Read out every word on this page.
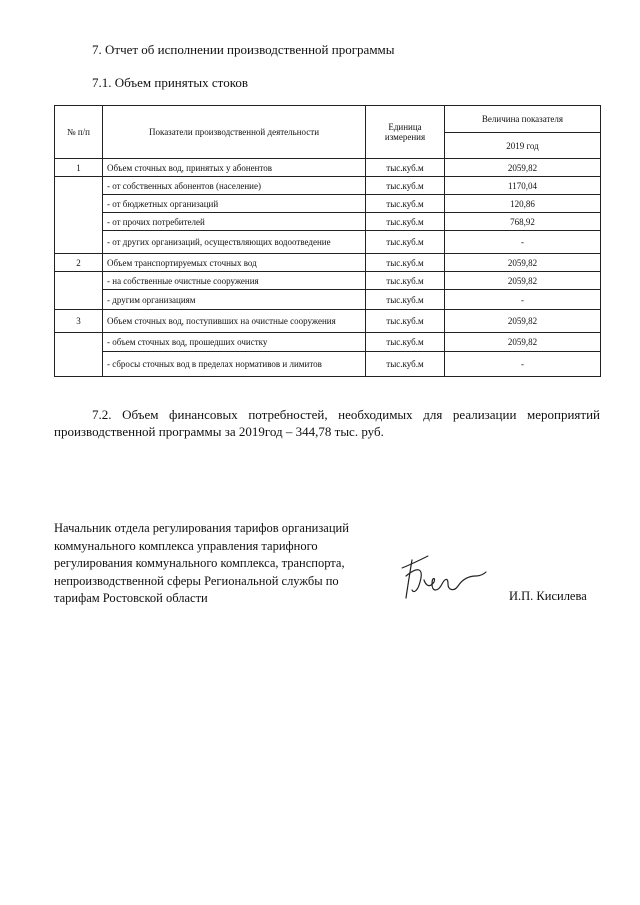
7. Отчет об исполнении производственной программы
7.1. Объем принятых стоков
№ п/п	Показатели производственной деятельности	Единица измерения	Величина показателя
			2019 год
1	Объем сточных вод, принятых у абонентов	тыс.куб.м	2059,82
	- от собственных абонентов (население)	тыс.куб.м	1170,04
	- от бюджетных организаций	тыс.куб.м	120,86
	- от прочих потребителей	тыс.куб.м	768,92
	- от других организаций, осуществляющих водоотведение	тыс.куб.м	-
2	Объем транспортируемых сточных вод	тыс.куб.м	2059,82
	- на собственные очистные сооружения	тыс.куб.м	2059,82
	- другим организациям	тыс.куб.м	-
3	Объем сточных вод, поступивших на очистные сооружения	тыс.куб.м	2059,82
	- объем сточных вод, прошедших очистку	тыс.куб.м	2059,82
	- сбросы сточных вод в пределах нормативов и лимитов	тыс.куб.м	-
7.2. Объем финансовых потребностей, необходимых для реализации мероприятий производственной программы за 2019год – 344,78 тыс. руб.
Начальник отдела регулирования тарифов организаций
коммунального комплекса управления тарифного
регулирования коммунального комплекса, транспорта,
непроизводственной сферы Региональной службы по
тарифам Ростовской области	И.П. Кисилева
